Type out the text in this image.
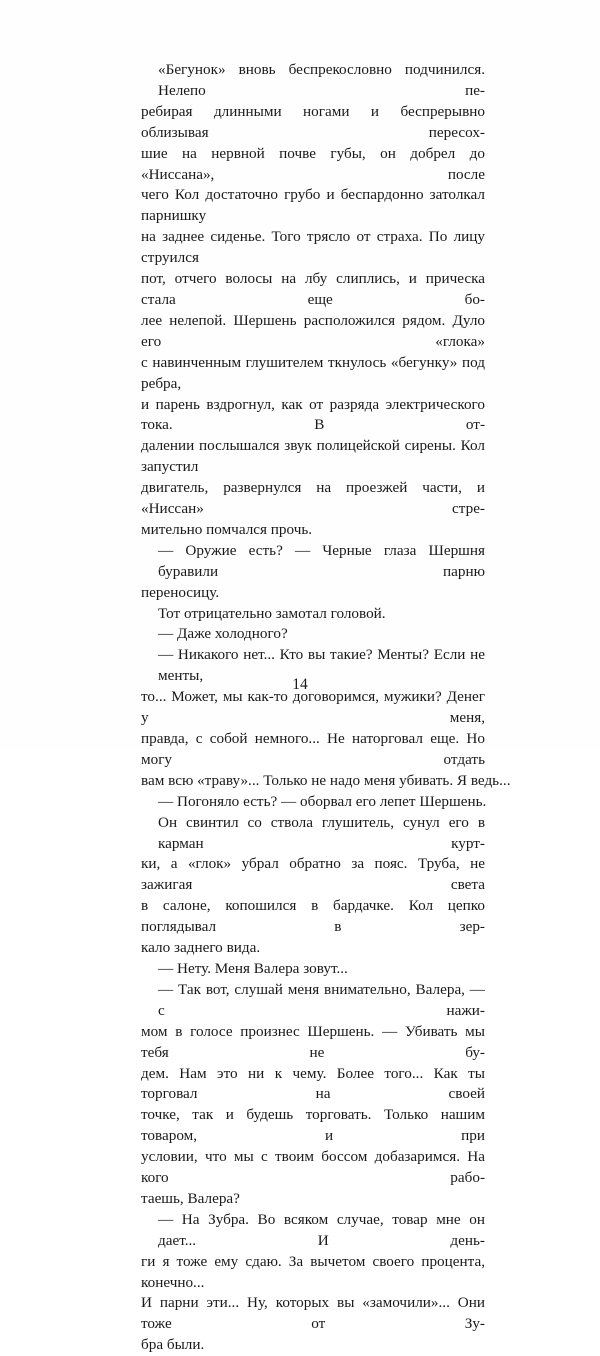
«Бегунок» вновь беспрекословно подчинился. Нелепо пе-
ребирая длинными ногами и беспрерывно облизывая пересох-
шие на нервной почве губы, он добрел до «Ниссана», после
чего Кол достаточно грубо и беспардонно затолкал парнишку
на заднее сиденье. Того трясло от страха. По лицу струился
пот, отчего волосы на лбу слиплись, и прическа стала еще бо-
лее нелепой. Шершень расположился рядом. Дуло его «глока»
с навинченным глушителем ткнулось «бегунку» под ребра,
и парень вздрогнул, как от разряда электрического тока. В от-
далении послышался звук полицейской сирены. Кол запустил
двигатель, развернулся на проезжей части, и «Ниссан» стре-
мительно помчался прочь.
— Оружие есть? — Черные глаза Шершня буравили парню
переносицу.
Тот отрицательно замотал головой.
— Даже холодного?
— Никакого нет... Кто вы такие? Менты? Если не менты,
то... Может, мы как-то договоримся, мужики? Денег у меня,
правда, с собой немного... Не наторговал еще. Но могу отдать
вам всю «траву»... Только не надо меня убивать. Я ведь...
— Погоняло есть? — оборвал его лепет Шершень.
Он свинтил со ствола глушитель, сунул его в карман курт-
ки, а «глок» убрал обратно за пояс. Труба, не зажигая света
в салоне, копошился в бардачке. Кол цепко поглядывал в зер-
кало заднего вида.
— Нету. Меня Валера зовут...
— Так вот, слушай меня внимательно, Валера, — с нажи-
мом в голосе произнес Шершень. — Убивать мы тебя не бу-
дем. Нам это ни к чему. Более того... Как ты торговал на своей
точке, так и будешь торговать. Только нашим товаром, и при
условии, что мы с твоим боссом добазаримся. На кого рабо-
таешь, Валера?
— На Зубра. Во всяком случае, товар мне он дает... И день-
ги я тоже ему сдаю. За вычетом своего процента, конечно...
И парни эти... Ну, которых вы «замочили»... Они тоже от Зу-
бра были.
14
